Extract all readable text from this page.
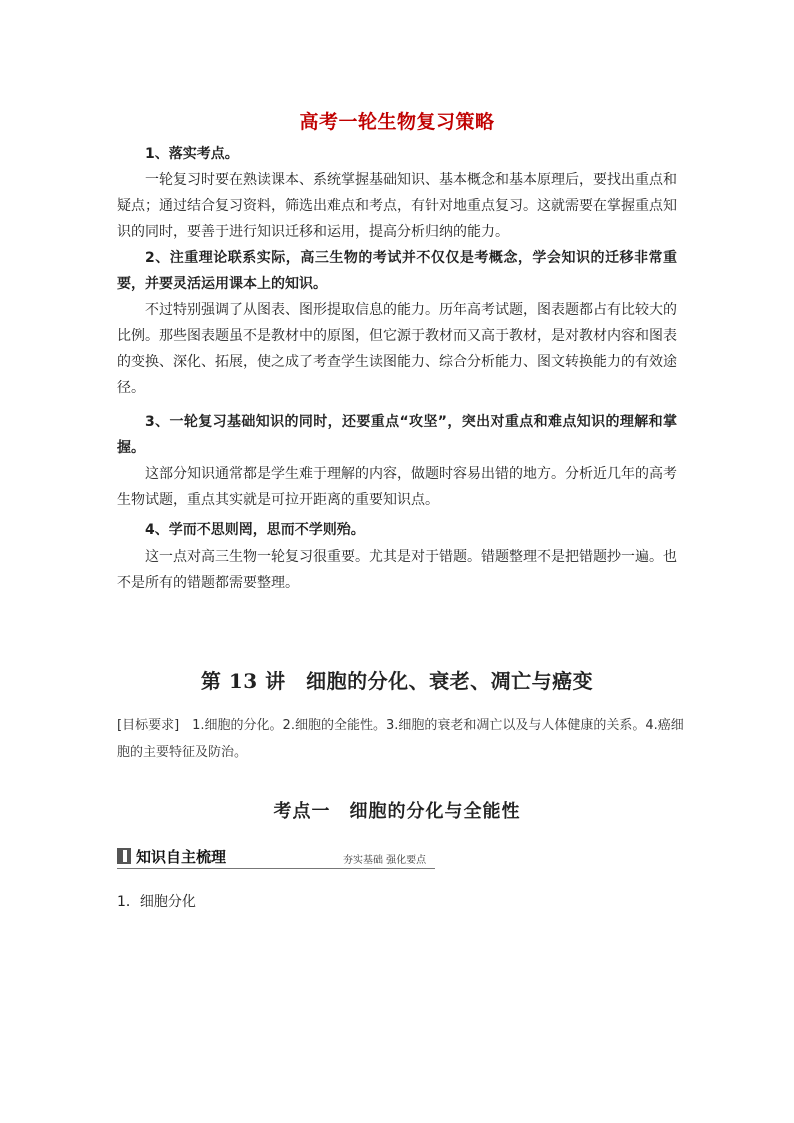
高考一轮生物复习策略
1、落实考点。
一轮复习时要在熟读课本、系统掌握基础知识、基本概念和基本原理后，要找出重点和疑点；通过结合复习资料，筛选出难点和考点，有针对地重点复习。这就需要在掌握重点知识的同时，要善于进行知识迁移和运用，提高分析归纳的能力。
2、注重理论联系实际，高三生物的考试并不仅仅是考概念，学会知识的迁移非常重要，并要灵活运用课本上的知识。
不过特别强调了从图表、图形提取信息的能力。历年高考试题，图表题都占有比较大的比例。那些图表题虽不是教材中的原图，但它源于教材而又高于教材，是对教材内容和图表的变换、深化、拓展，使之成了考查学生读图能力、综合分析能力、图文转换能力的有效途径。
3、一轮复习基础知识的同时，还要重点“攻坚”，突出对重点和难点知识的理解和掌握。
这部分知识通常都是学生难于理解的内容，做题时容易出错的地方。分析近几年的高考生物试题，重点其实就是可拉开距离的重要知识点。
4、学而不思则罔，思而不学则殆。
这一点对高三生物一轮复习很重要。尤其是对于错题。错题整理不是把错题抄一遍。也不是所有的错题都需要整理。
第 13 讲　细胞的分化、衰老、凋亡与癌变
[目标要求]　1.细胞的分化。2.细胞的全能性。3.细胞的衰老和凋亡以及与人体健康的关系。4.癌细胞的主要特征及防治。
考点一　细胞的分化与全能性
知识自主梳理	夯实基础 强化要点
1．细胞分化
